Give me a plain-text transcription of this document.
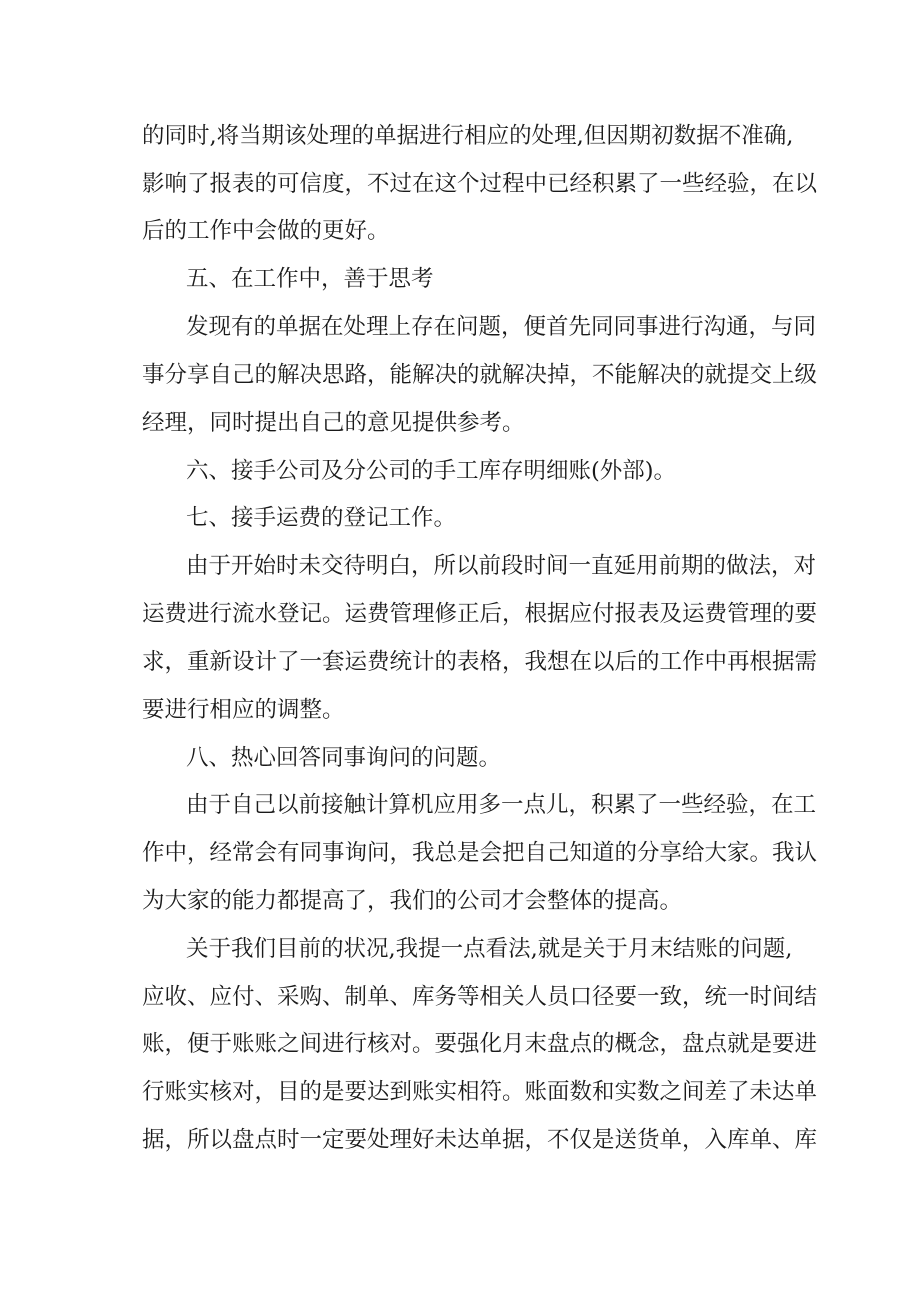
的同时,将当期该处理的单据进行相应的处理,但因期初数据不准确,
影响了报表的可信度，不过在这个过程中已经积累了一些经验，在以
后的工作中会做的更好。
五、在工作中，善于思考
发现有的单据在处理上存在问题，便首先同同事进行沟通，与同
事分享自己的解决思路，能解决的就解决掉，不能解决的就提交上级
经理，同时提出自己的意见提供参考。
六、接手公司及分公司的手工库存明细账(外部)。
七、接手运费的登记工作。
由于开始时未交待明白，所以前段时间一直延用前期的做法，对
运费进行流水登记。运费管理修正后，根据应付报表及运费管理的要
求，重新设计了一套运费统计的表格，我想在以后的工作中再根据需
要进行相应的调整。
八、热心回答同事询问的问题。
由于自己以前接触计算机应用多一点儿，积累了一些经验，在工
作中，经常会有同事询问，我总是会把自己知道的分享给大家。我认
为大家的能力都提高了，我们的公司才会整体的提高。
关于我们目前的状况,我提一点看法,就是关于月末结账的问题,
应收、应付、采购、制单、库务等相关人员口径要一致，统一时间结
账，便于账账之间进行核对。要强化月末盘点的概念，盘点就是要进
行账实核对，目的是要达到账实相符。账面数和实数之间差了未达单
据，所以盘点时一定要处理好未达单据，不仅是送货单，入库单、库
